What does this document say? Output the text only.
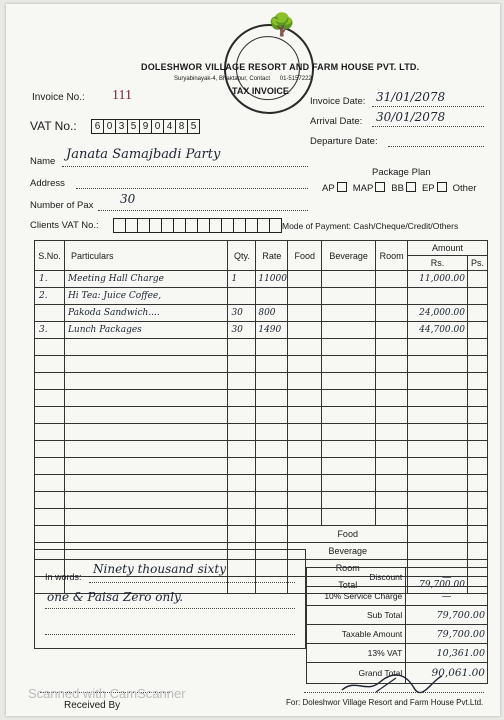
🌳
DOLESHWOR VILLAGE RESORT AND FARM HOUSE PVT. LTD.
Suryabinayak-4, Bhaktapur, Contact 01-5157222
TAX INVOICE
Invoice No.: 111
VAT No.:	6 0 3 5 9 0 4 8 5
Invoice Date: 31/01/2078
Arrival Date: 30/01/2078
Departure Date:
Name Janata Samajbadi Party
Address
Number of Pax 30
Package Plan
AP MAP BB EP Other
Clients VAT No.:	Mode of Payment: Cash/Cheque/Credit/Others
S.No.	Particulars	Qty.	Rate	Food	Beverage	Room	Amount	
							Rs.	Ps.
1.	Meeting Hall Charge	1	11000				11,000.00	
2.	Hi Tea: Juice Coffee,							
	Pakoda Sandwich....	30	800				24,000.00	
3.	Lunch Packages	30	1490				44,700.00	

				Food				
				Beverage				
				Room				
				Total			79,700.00	
In words:
Ninety thousand sixty
one & Paisa Zero only.
Discount	—
10% Service Charge	—
Sub Total	79,700.00
Taxable Amount	79,700.00
13% VAT	10,361.00
Grand Total	90,061.00
For: Doleshwor Village Resort and Farm House Pvt.Ltd.
Received By
Scanned with CamScanner
